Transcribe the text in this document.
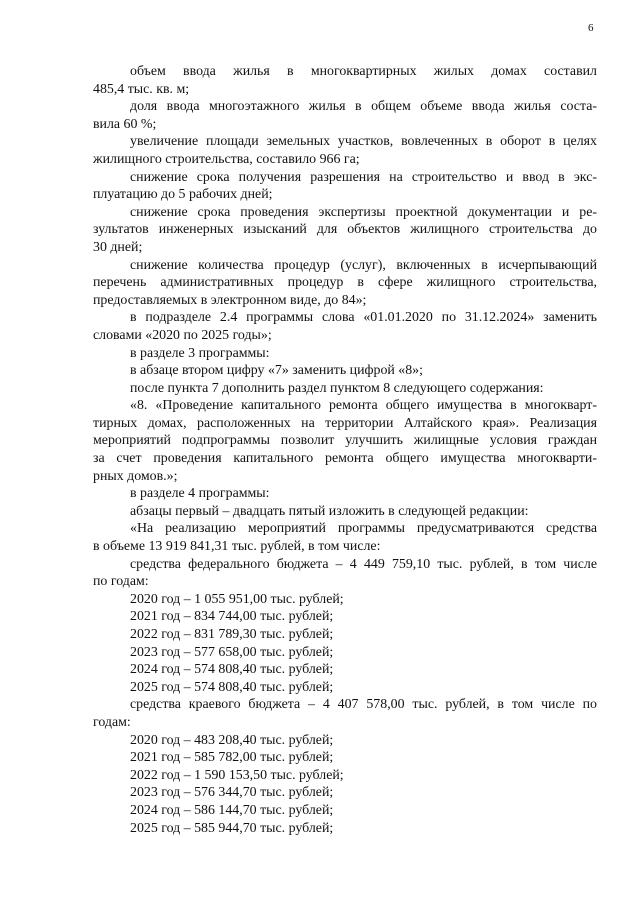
6
объем ввода жилья в многоквартирных жилых домах составил
485,4 тыс. кв. м;
доля ввода многоэтажного жилья в общем объеме ввода жилья соста-
вила 60 %;
увеличение площади земельных участков, вовлеченных в оборот в целях
жилищного строительства, составило 966 га;
снижение срока получения разрешения на строительство и ввод в экс-
плуатацию до 5 рабочих дней;
снижение срока проведения экспертизы проектной документации и ре-
зультатов инженерных изысканий для объектов жилищного строительства до
30 дней;
снижение количества процедур (услуг), включенных в исчерпывающий
перечень административных процедур в сфере жилищного строительства,
предоставляемых в электронном виде, до 84»;
в подразделе 2.4 программы слова «01.01.2020 по 31.12.2024» заменить
словами «2020 по 2025 годы»;
в разделе 3 программы:
в абзаце втором цифру «7» заменить цифрой «8»;
после пункта 7 дополнить раздел пунктом 8 следующего содержания:
«8. «Проведение капитального ремонта общего имущества в многокварт-
тирных домах, расположенных на территории Алтайского края». Реализация
мероприятий подпрограммы позволит улучшить жилищные условия граждан
за счет проведения капитального ремонта общего имущества многокварти-
рных домов.»;
в разделе 4 программы:
абзацы первый – двадцать пятый изложить в следующей редакции:
«На реализацию мероприятий программы предусматриваются средства
в объеме 13 919 841,31 тыс. рублей, в том числе:
средства федерального бюджета – 4 449 759,10 тыс. рублей, в том числе
по годам:
2020 год – 1 055 951,00 тыс. рублей;
2021 год – 834 744,00 тыс. рублей;
2022 год – 831 789,30 тыс. рублей;
2023 год – 577 658,00 тыс. рублей;
2024 год – 574 808,40 тыс. рублей;
2025 год – 574 808,40 тыс. рублей;
средства краевого бюджета – 4 407 578,00 тыс. рублей, в том числе по
годам:
2020 год – 483 208,40 тыс. рублей;
2021 год – 585 782,00 тыс. рублей;
2022 год – 1 590 153,50 тыс. рублей;
2023 год – 576 344,70 тыс. рублей;
2024 год – 586 144,70 тыс. рублей;
2025 год – 585 944,70 тыс. рублей;
